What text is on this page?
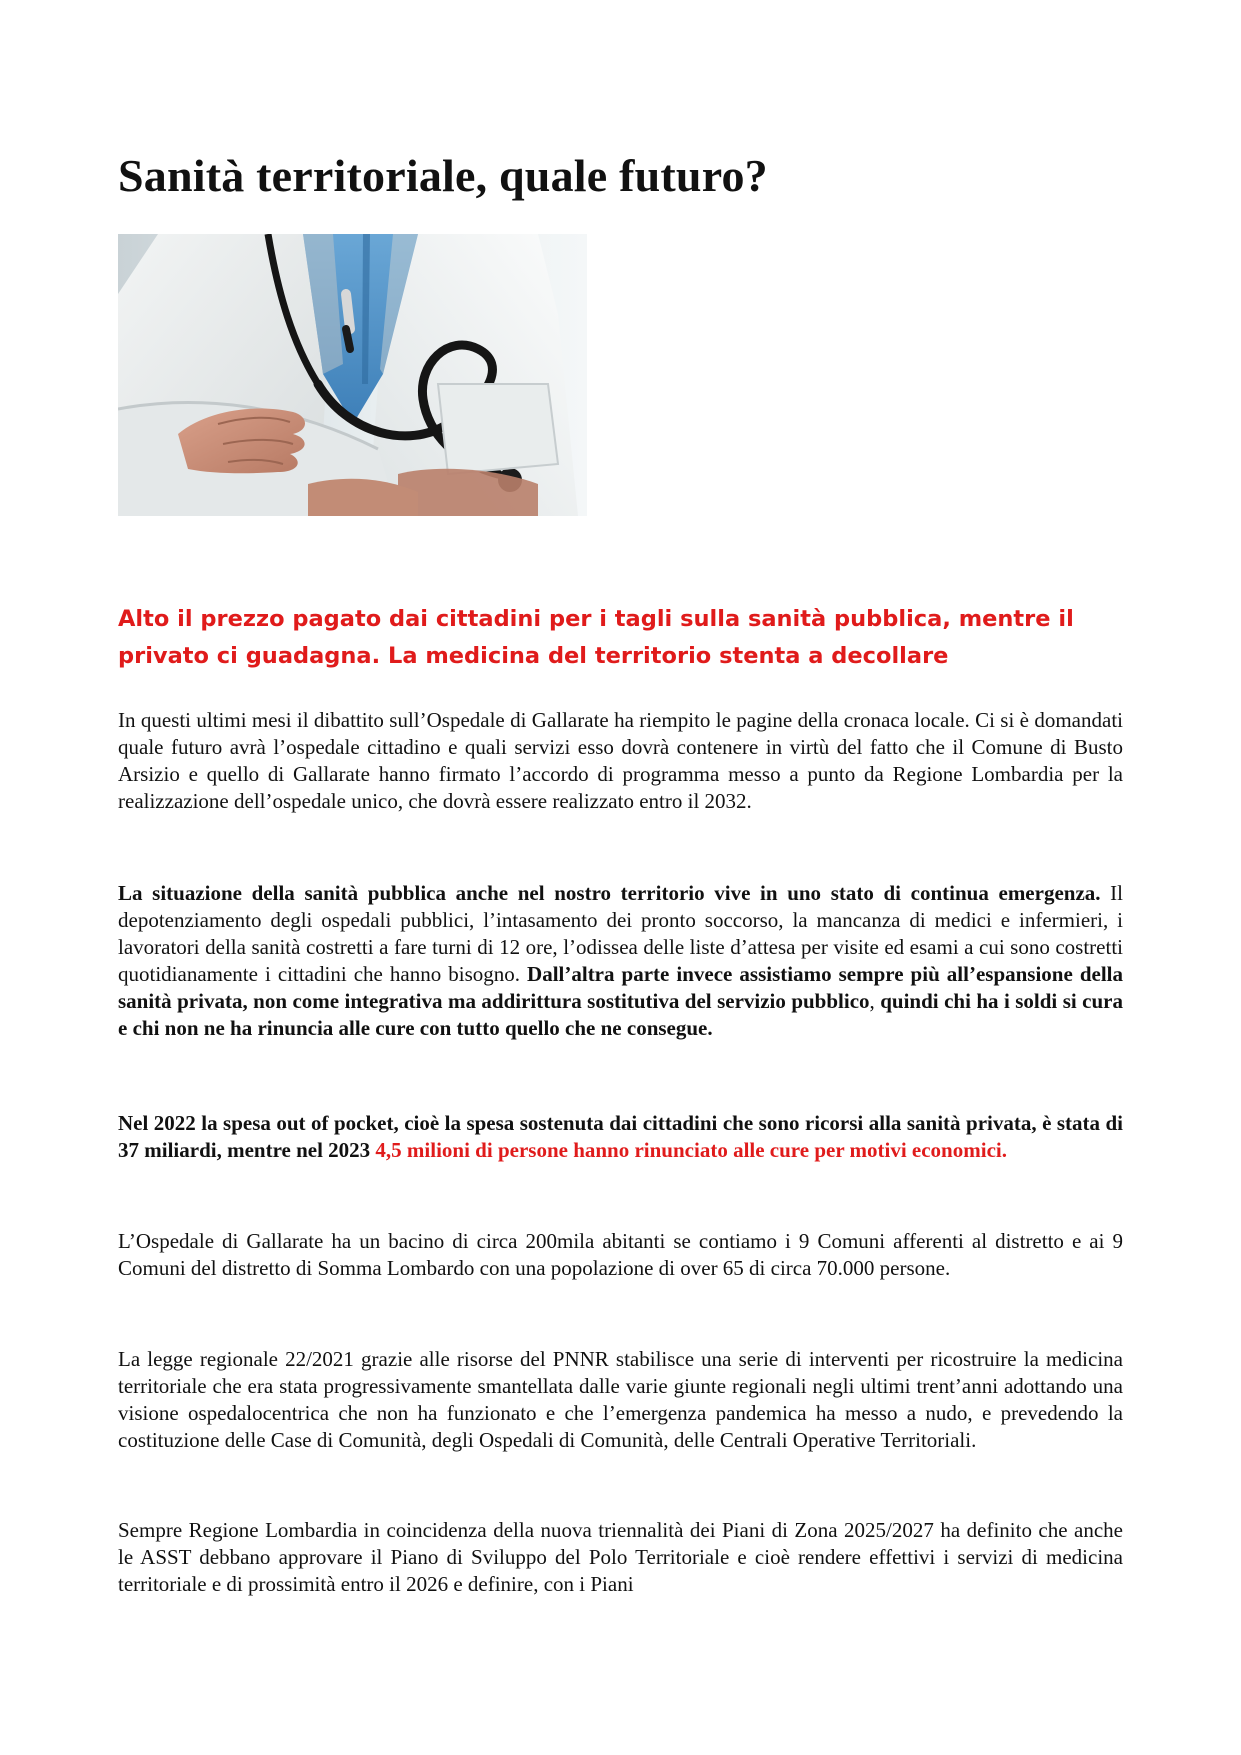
Sanità territoriale, quale futuro?

Alto il prezzo pagato dai cittadini per i tagli sulla sanità pubblica, mentre il privato ci guadagna. La medicina del territorio stenta a decollare

In questi ultimi mesi il dibattito sull’Ospedale di Gallarate ha riempito le pagine della cronaca locale. Ci si è domandati quale futuro avrà l’ospedale cittadino e quali servizi esso dovrà contenere in virtù del fatto che il Comune di Busto Arsizio e quello di Gallarate hanno firmato l’accordo di programma messo a punto da Regione Lombardia per la realizzazione dell’ospedale unico, che dovrà essere realizzato entro il 2032.

La situazione della sanità pubblica anche nel nostro territorio vive in uno stato di continua emergenza. Il depotenziamento degli ospedali pubblici, l’intasamento dei pronto soccorso, la mancanza di medici e infermieri, i lavoratori della sanità costretti a fare turni di 12 ore, l’odissea delle liste d’attesa per visite ed esami a cui sono costretti quotidianamente i cittadini che hanno bisogno. Dall’altra parte invece assistiamo sempre più all’espansione della sanità privata, non come integrativa ma addirittura sostitutiva del servizio pubblico, quindi chi ha i soldi si cura e chi non ne ha rinuncia alle cure con tutto quello che ne consegue.

Nel 2022 la spesa out of pocket, cioè la spesa sostenuta dai cittadini che sono ricorsi alla sanità privata, è stata di 37 miliardi, mentre nel 2023 4,5 milioni di persone hanno rinunciato alle cure per motivi economici.

L’Ospedale di Gallarate ha un bacino di circa 200mila abitanti se contiamo i 9 Comuni afferenti al distretto e ai 9 Comuni del distretto di Somma Lombardo con una popolazione di over 65 di circa 70.000 persone.

La legge regionale 22/2021 grazie alle risorse del PNNR stabilisce una serie di interventi per ricostruire la medicina territoriale che era stata progressivamente smantellata dalle varie giunte regionali negli ultimi trent’anni adottando una visione ospedalocentrica che non ha funzionato e che l’emergenza pandemica ha messo a nudo, e prevedendo la costituzione delle Case di Comunità, degli Ospedali di Comunità, delle Centrali Operative Territoriali.

Sempre Regione Lombardia in coincidenza della nuova triennalità dei Piani di Zona 2025/2027 ha definito che anche le ASST debbano approvare il Piano di Sviluppo del Polo Territoriale e cioè rendere effettivi i servizi di medicina territoriale e di prossimità entro il 2026 e definire, con i Piani
